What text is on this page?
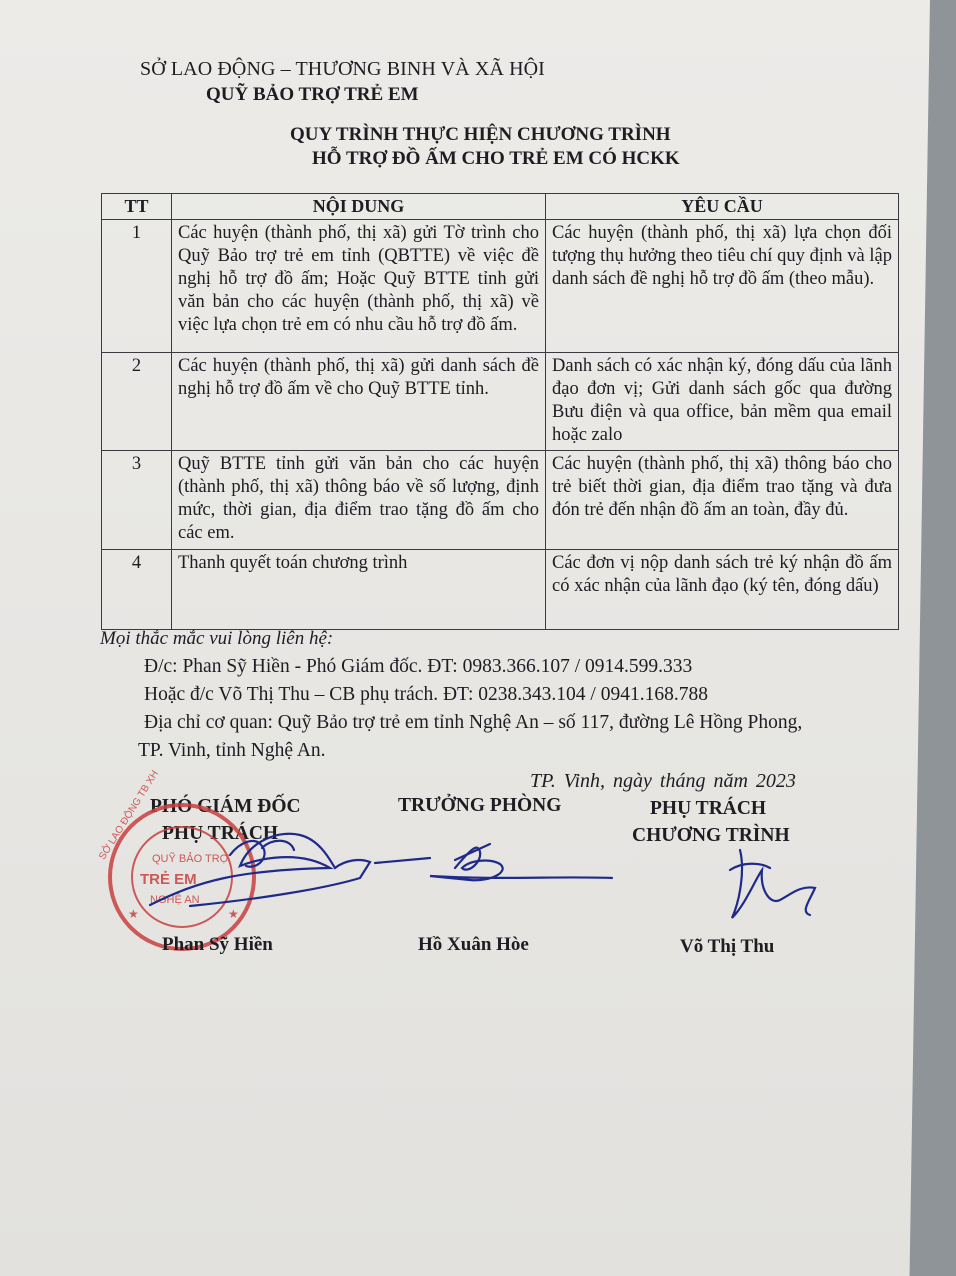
SỞ LAO ĐỘNG – THƯƠNG BINH VÀ XÃ HỘI
QUỸ BẢO TRỢ TRẺ EM
QUY TRÌNH THỰC HIỆN CHƯƠNG TRÌNH
HỖ TRỢ ĐỒ ẤM CHO TRẺ EM CÓ HCKK
TT	NỘI DUNG	YÊU CẦU
1	Các huyện (thành phố, thị xã) gửi Tờ trình cho Quỹ Bảo trợ trẻ em tỉnh (QBTTE) về việc đề nghị hỗ trợ đồ ấm; Hoặc Quỹ BTTE tỉnh gửi văn bản cho các huyện (thành phố, thị xã) về việc lựa chọn trẻ em có nhu cầu hỗ trợ đồ ấm.	Các huyện (thành phố, thị xã) lựa chọn đối tượng thụ hưởng theo tiêu chí quy định và lập danh sách đề nghị hỗ trợ đồ ấm (theo mẫu).
2	Các huyện (thành phố, thị xã) gửi danh sách đề nghị hỗ trợ đồ ấm về cho Quỹ BTTE tỉnh.	Danh sách có xác nhận ký, đóng dấu của lãnh đạo đơn vị; Gửi danh sách gốc qua đường Bưu điện và qua office, bản mềm qua email hoặc zalo
3	Quỹ BTTE tỉnh gửi văn bản cho các huyện (thành phố, thị xã) thông báo về số lượng, định mức, thời gian, địa điểm trao tặng đồ ấm cho các em.	Các huyện (thành phố, thị xã) thông báo cho trẻ biết thời gian, địa điểm trao tặng và đưa đón trẻ đến nhận đồ ấm an toàn, đầy đủ.
4	Thanh quyết toán chương trình	Các đơn vị nộp danh sách trẻ ký nhận đồ ấm có xác nhận của lãnh đạo (ký tên, đóng dấu)
Mọi thắc mắc vui lòng liên hệ:
Đ/c: Phan Sỹ Hiền - Phó Giám đốc. ĐT: 0983.366.107 / 0914.599.333
Hoặc đ/c Võ Thị Thu – CB phụ trách. ĐT: 0238.343.104 / 0941.168.788
Địa chỉ cơ quan: Quỹ Bảo trợ trẻ em tỉnh Nghệ An – số 117, đường Lê Hồng Phong,
TP. Vinh, tỉnh Nghệ An.
TP. Vinh, ngày tháng năm 2023
PHÓ GIÁM ĐỐC
PHỤ TRÁCH
TRƯỞNG PHÒNG	PHỤ TRÁCH
CHƯƠNG TRÌNH
QUỸ BẢO TRỢ
TRẺ EM
NGHỆ AN
SỞ LAO ĐỘNG TB XH
★	★
Phan Sỹ Hiền	Hồ Xuân Hòe	Võ Thị Thu
